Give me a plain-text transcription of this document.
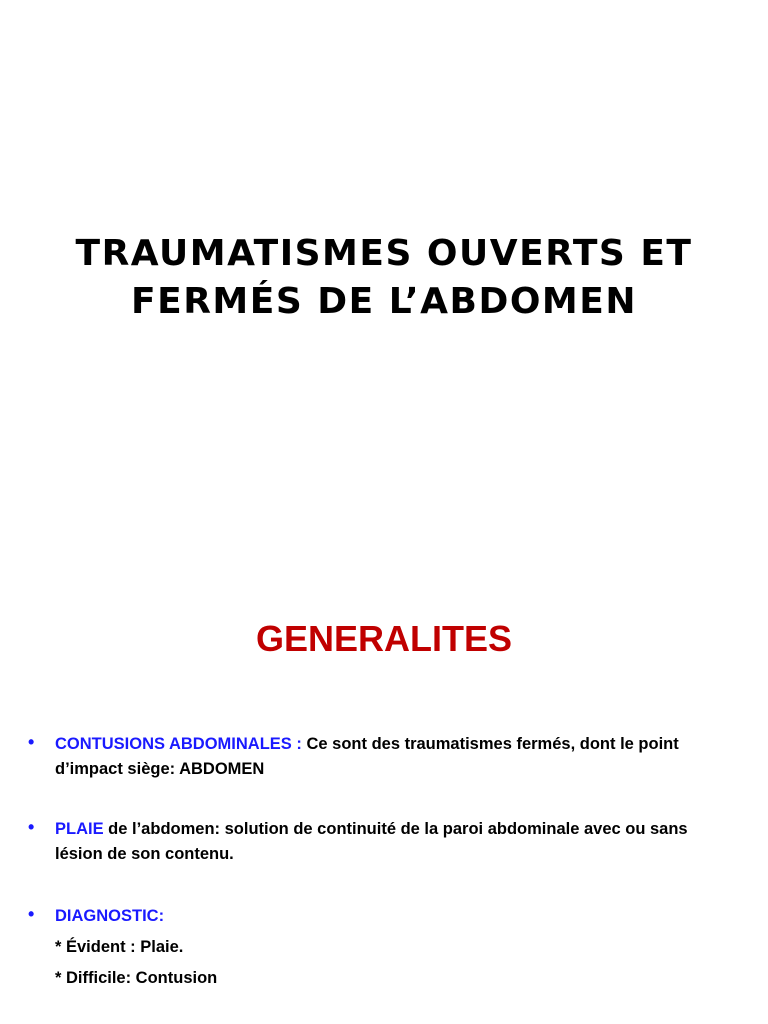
TRAUMATISMES OUVERTS ET
FERMÉS DE L’ABDOMEN
GENERALITES
• CONTUSIONS ABDOMINALES : Ce sont des traumatismes fermés, dont le point
d’impact siège: ABDOMEN
• PLAIE de l’abdomen: solution de continuité de la paroi abdominale avec ou sans
lésion de son contenu.
• DIAGNOSTIC:
* Évident : Plaie.
* Difficile: Contusion
